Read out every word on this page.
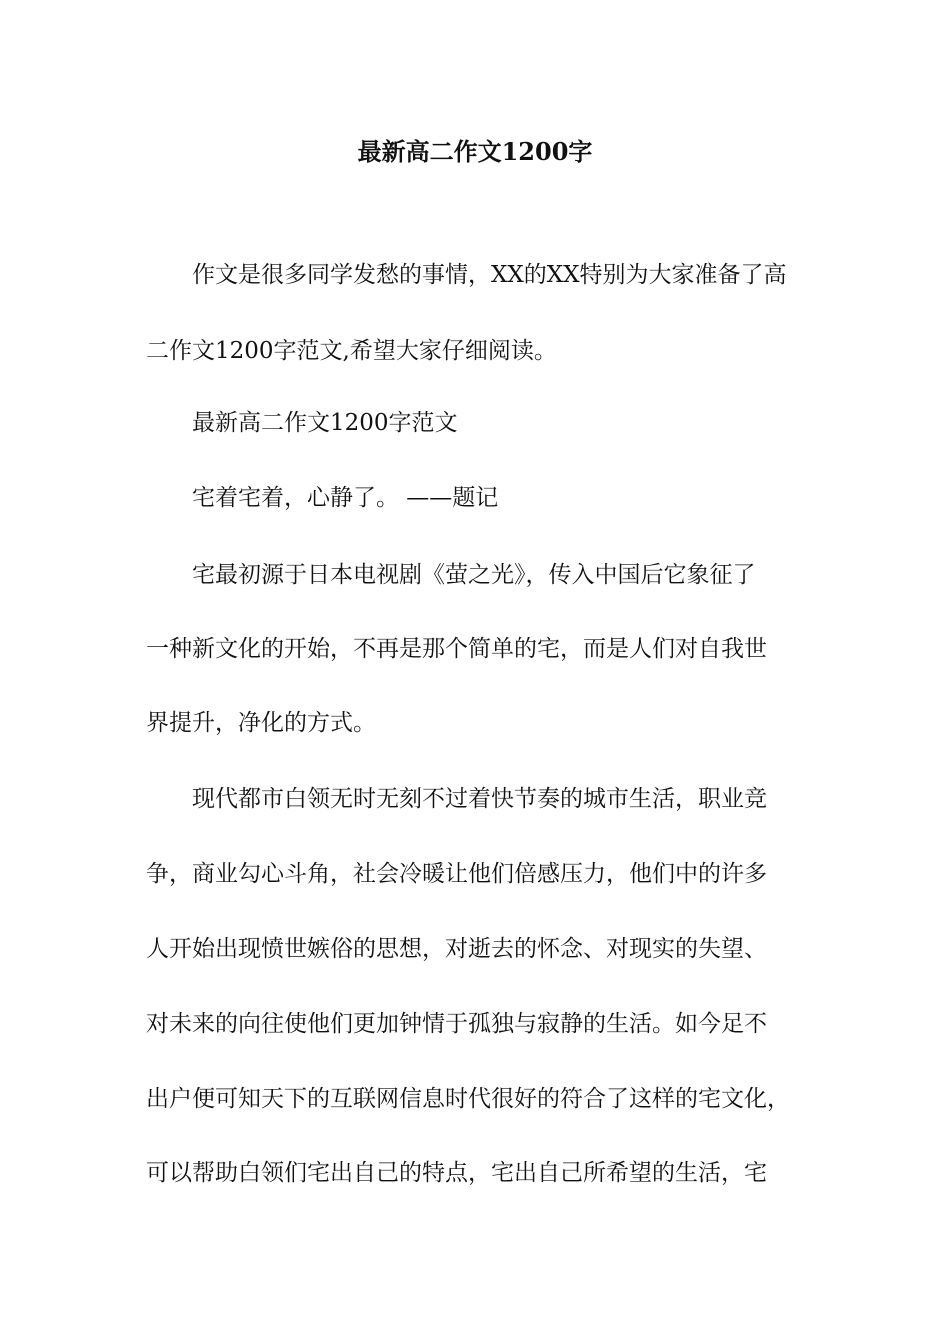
最新高二作文1200字
作文是很多同学发愁的事情，XX的XX特别为大家准备了高
二作文1200字范文,希望大家仔细阅读。
最新高二作文1200字范文
宅着宅着，心静了。 ——题记
宅最初源于日本电视剧《萤之光》，传入中国后它象征了
一种新文化的开始，不再是那个简单的宅，而是人们对自我世
界提升，净化的方式。
现代都市白领无时无刻不过着快节奏的城市生活，职业竞
争，商业勾心斗角，社会冷暖让他们倍感压力，他们中的许多
人开始出现愤世嫉俗的思想，对逝去的怀念、对现实的失望、
对未来的向往使他们更加钟情于孤独与寂静的生活。如今足不
出户便可知天下的互联网信息时代很好的符合了这样的宅文化，
可以帮助白领们宅出自己的特点，宅出自己所希望的生活，宅
